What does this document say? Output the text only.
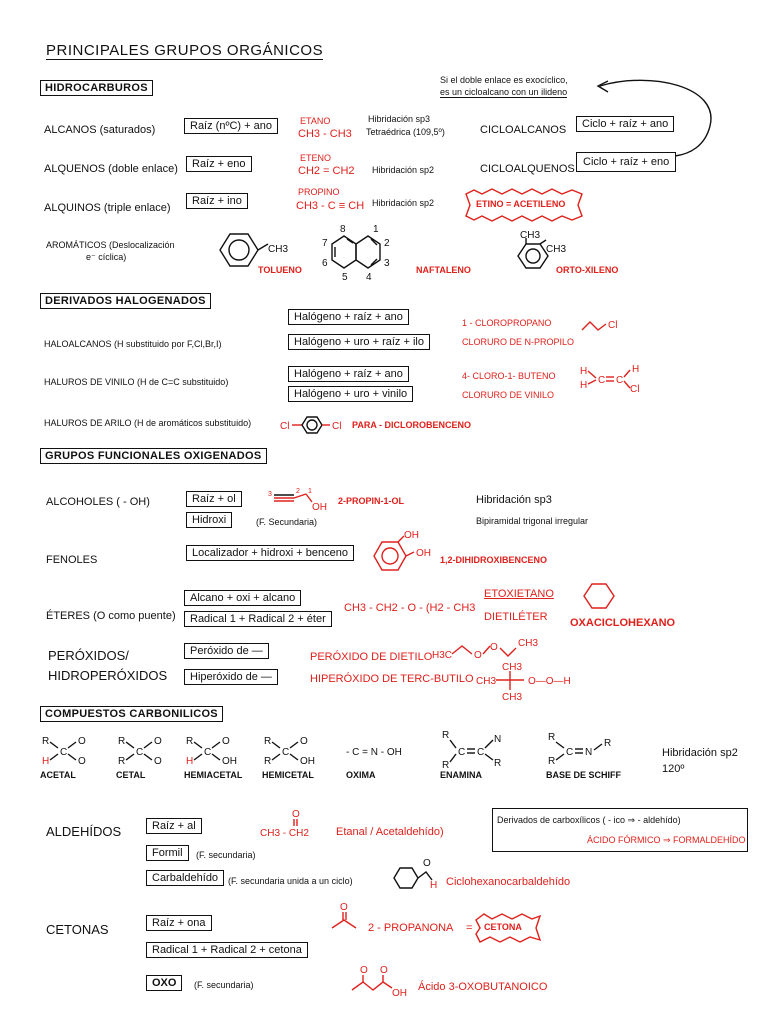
PRINCIPALES GRUPOS ORGÁNICOS
HIDROCARBUROS
Si el doble enlace es exocíclico,
es un cicloalcano con un ilideno
ALCANOS (saturados)	Raíz (nºC) + ano	ETANO
CH3 - CH3
Hibridación sp3
Tetraédrica (109,5º)	CICLOALCANOS	Ciclo + raíz + ano
ALQUENOS (doble enlace)	Raíz + eno	ETENO
CH2 = CH2 Hibridación sp2	CICLOALQUENOS
Ciclo + raíz + eno
ALQUINOS (triple enlace)
Raíz + ino
PROPINO
CH3 - C ≡ CH Hibridación sp2	ETINO = ACETILENO
AROMÁTICOS (Deslocalización
e⁻ cíclica)
CH3
TOLUENO
7
8	1
2
3
4
5
6
NAFTALENO
CH3
CH3
ORTO-XILENO
DERIVADOS HALOGENADOS
Halógeno + raíz + ano
Halógeno + uro + raíz + ilo
HALOALCANOS (H substituido por F,Cl,Br,I)
1 - CLOROPROPANO
CLORURO DE N-PROPILO
Cl
Halógeno + raíz + ano
Halógeno + uro + vinilo
HALUROS DE VINILO (H de C=C substituido)
4- CLORO-1- BUTENO
CLORURO DE VINILO
H
H C C
H
Cl
HALUROS DE ARILO (H de aromáticos substituido)	Cl	Cl PARA - DICLOROBENCENO
GRUPOS FUNCIONALES OXIGENADOS
ALCOHOLES ( - OH)	Raíz + ol
Hidroxi	(F. Secundaria)
3	2 1
OH
2-PROPIN-1-OL	Hibridación sp3
Bipiramidal trigonal irregular
FENOLES
Localizador + hidroxi + benceno
OH
OH
1,2-DIHIDROXIBENCENO
Alcano + oxi + alcano
Radical 1 + Radical 2 + éter
ÉTERES (O como puente)
CH3 - CH2 - O - (H2 - CH3
ETOXIETANO
DIETILÉTER OXACICLOHEXANO
PERÓXIDOS/
HIDROPERÓXIDOS
Peróxido de —
Hiperóxido de —
PERÓXIDO DE DIETILO
HIPERÓXIDO DE TERC-BUTILO
H3C O
O CH3
CH3
CH3
CH3
O—O—H
COMPUESTOS CARBONILICOS
R
H
C
O
O
ACETAL
R
R
C
O
O
CETAL
R
H
C
O
OH
HEMIACETAL
R
R
C
O
OH
HEMICETAL
- C = N - OH
OXIMA
R
R
C C
N
R
ENAMINA
R
R
C N
R
BASE DE SCHIFF
Hibridación sp2
120º
ALDEHÍDOS	Raíz + al
O
CH3 - CH2 Etanal / Acetaldehído)
Formil	(F. secundaria)
Carbaldehído	(F. secundaria unida a un ciclo)
O
H Ciclohexanocarbaldehído
Derivados de carboxílicos ( - ico ⇒ - aldehído)
ÁCIDO FÓRMICO ⇒ FORMALDEHÍDO
CETONAS	Raíz + ona
Radical 1 + Radical 2 + cetona
OXO	(F. secundaria)
O
2 - PROPANONA = CETONA
O O
OH
Ácido 3-OXOBUTANOICO
